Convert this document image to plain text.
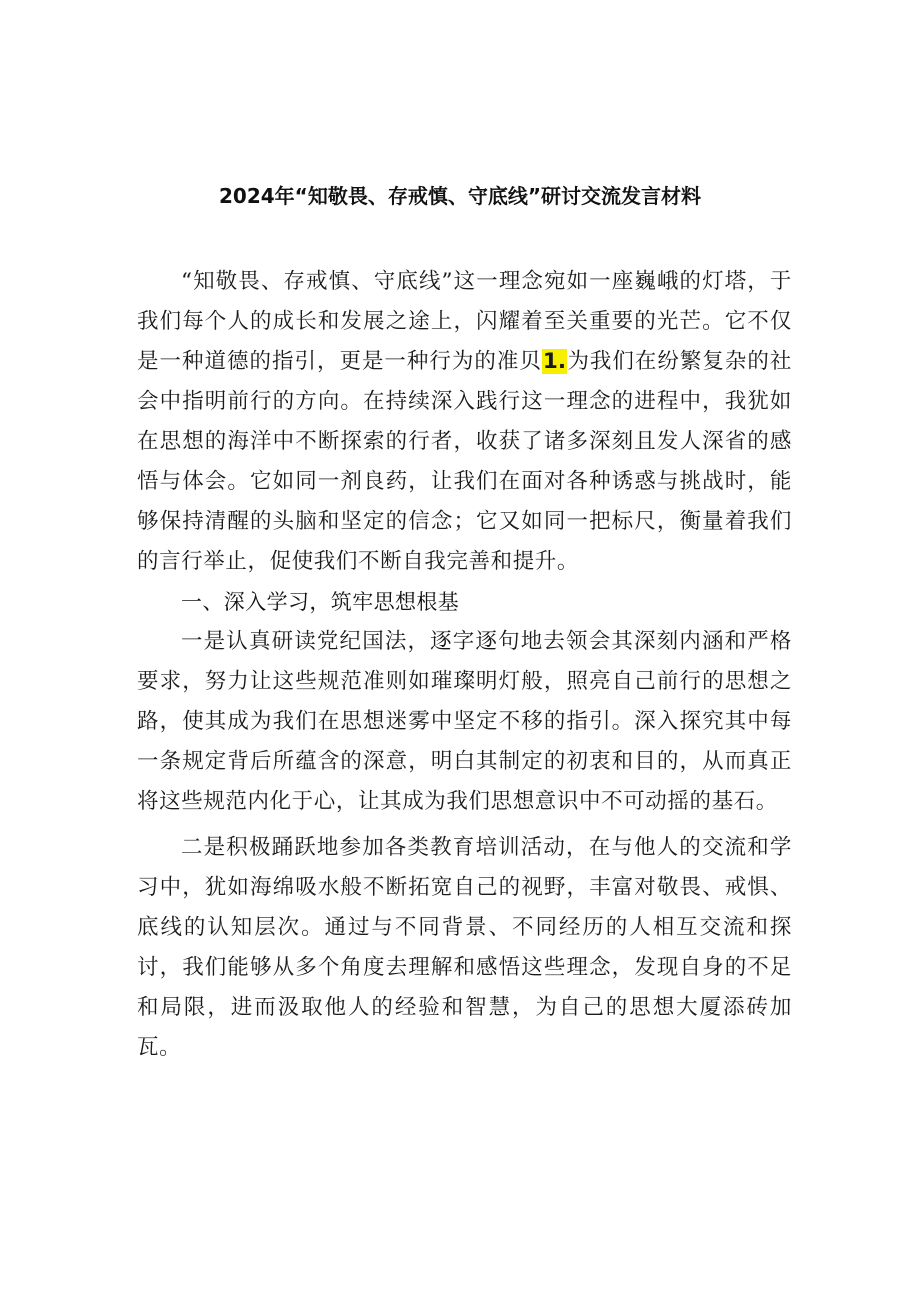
2024年“知敬畏、存戒慎、守底线”研讨交流发言材料

“知敬畏、存戒慎、守底线”这一理念宛如一座巍峨的灯塔，于我们每个人的成长和发展之途上，闪耀着至关重要的光芒。它不仅是一种道德的指引，更是一种行为的准贝1.为我们在纷繁复杂的社会中指明前行的方向。在持续深入践行这一理念的进程中，我犹如在思想的海洋中不断探索的行者，收获了诸多深刻且发人深省的感悟与体会。它如同一剂良药，让我们在面对各种诱惑与挑战时，能够保持清醒的头脑和坚定的信念；它又如同一把标尺，衡量着我们的言行举止，促使我们不断自我完善和提升。

一、深入学习，筑牢思想根基

一是认真研读党纪国法，逐字逐句地去领会其深刻内涵和严格要求，努力让这些规范准则如璀璨明灯般，照亮自己前行的思想之路，使其成为我们在思想迷雾中坚定不移的指引。深入探究其中每一条规定背后所蕴含的深意，明白其制定的初衷和目的，从而真正将这些规范内化于心，让其成为我们思想意识中不可动摇的基石。

二是积极踊跃地参加各类教育培训活动，在与他人的交流和学习中，犹如海绵吸水般不断拓宽自己的视野，丰富对敬畏、戒惧、底线的认知层次。通过与不同背景、不同经历的人相互交流和探讨，我们能够从多个角度去理解和感悟这些理念，发现自身的不足和局限，进而汲取他人的经验和智慧，为自己的思想大厦添砖加瓦。
